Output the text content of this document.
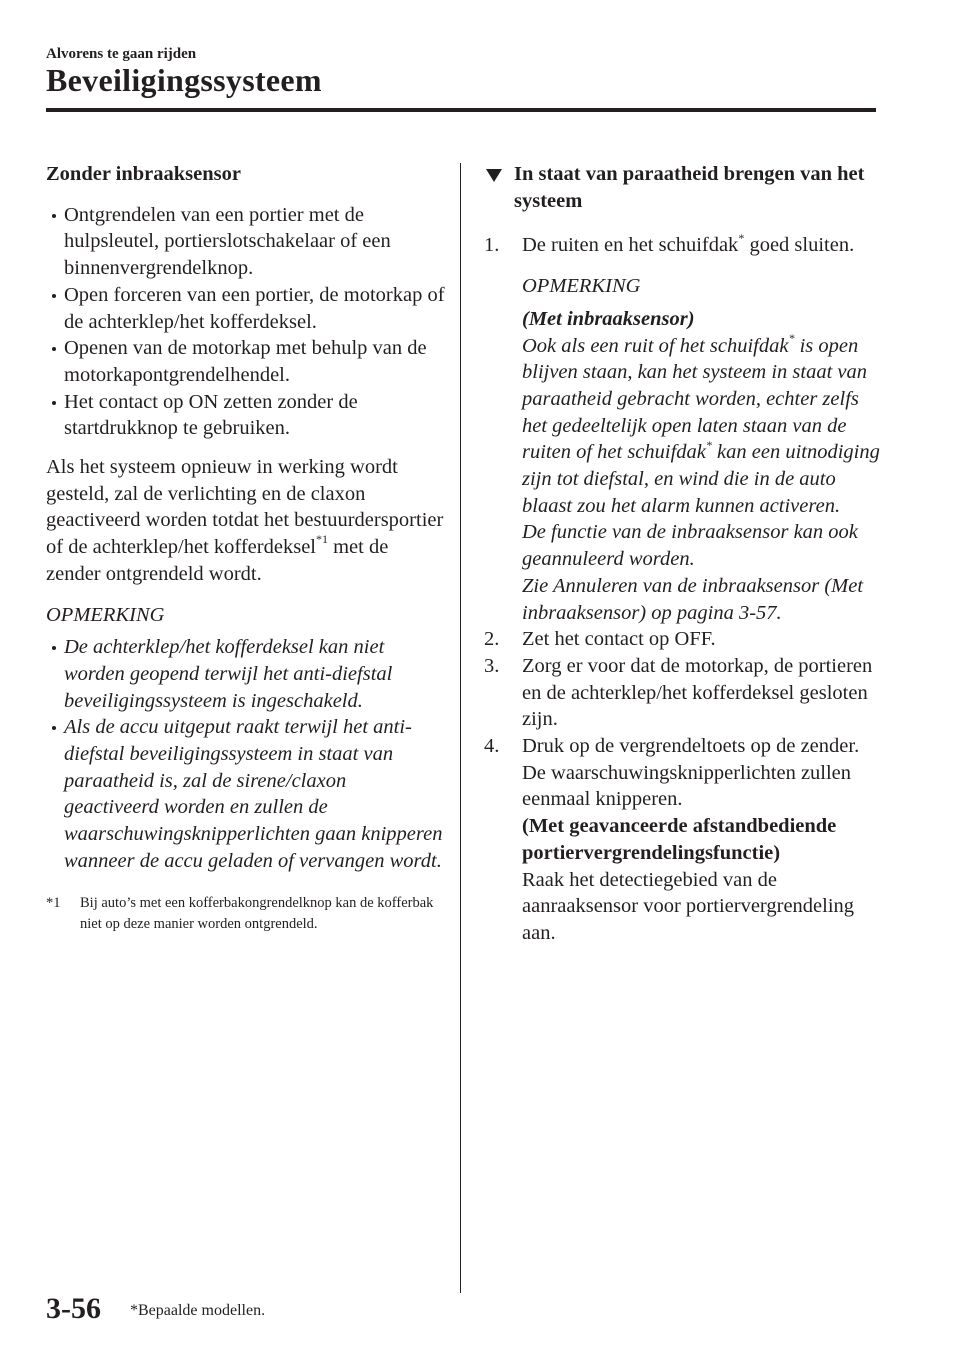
Alvorens te gaan rijden
Beveiligingssysteem

Zonder inbraaksensor

Ontgrendelen van een portier met de hulpsleutel, portierslotschakelaar of een binnenvergrendelknop.

Open forceren van een portier, de motorkap of de achterklep/het kofferdeksel.

Openen van de motorkap met behulp van de motorkapontgrendelhendel.

Het contact op ON zetten zonder de startdrukknop te gebruiken.

Als het systeem opnieuw in werking wordt gesteld, zal de verlichting en de claxon geactiveerd worden totdat het bestuurdersportier of de achterklep/het kofferdeksel$^{*1}$ met de zender ontgrendeld wordt.

OPMERKING

De achterklep/het kofferdeksel kan niet worden geopend terwijl het anti-diefstal beveiligingssysteem is ingeschakeld.

Als de accu uitgeput raakt terwijl het anti-diefstal beveiligingssysteem in staat van paraatheid is, zal de sirene/claxon geactiveerd worden en zullen de waarschuwingsknipperlichten gaan knipperen wanneer de accu geladen of vervangen wordt.

*1 Bij auto’s met een kofferbakongrendelknop kan de kofferbak niet op deze manier worden ontgrendeld.

In staat van paraatheid brengen van het systeem

1. De ruiten en het schuifdak* goed sluiten.

OPMERKING

(Met inbraaksensor)

Ook als een ruit of het schuifdak* is open blijven staan, kan het systeem in staat van paraatheid gebracht worden, echter zelfs het gedeeltelijk open laten staan van de ruiten of het schuifdak* kan een uitnodiging zijn tot diefstal, en wind die in de auto blaast zou het alarm kunnen activeren.

De functie van de inbraaksensor kan ook geannuleerd worden.

Zie Annuleren van de inbraaksensor (Met inbraaksensor) op pagina 3-57.

2. Zet het contact op OFF.

3. Zorg er voor dat de motorkap, de portieren en de achterklep/het kofferdeksel gesloten zijn.

4. Druk op de vergrendeltoets op de zender.

De waarschuwingsknipperlichten zullen eenmaal knipperen.

(Met geavanceerde afstandbediende portiervergrendelingsfunctie)

Raak het detectiegebied van de aanraaksensor voor portiervergrendeling aan.

3-56 *Bepaalde modellen.
